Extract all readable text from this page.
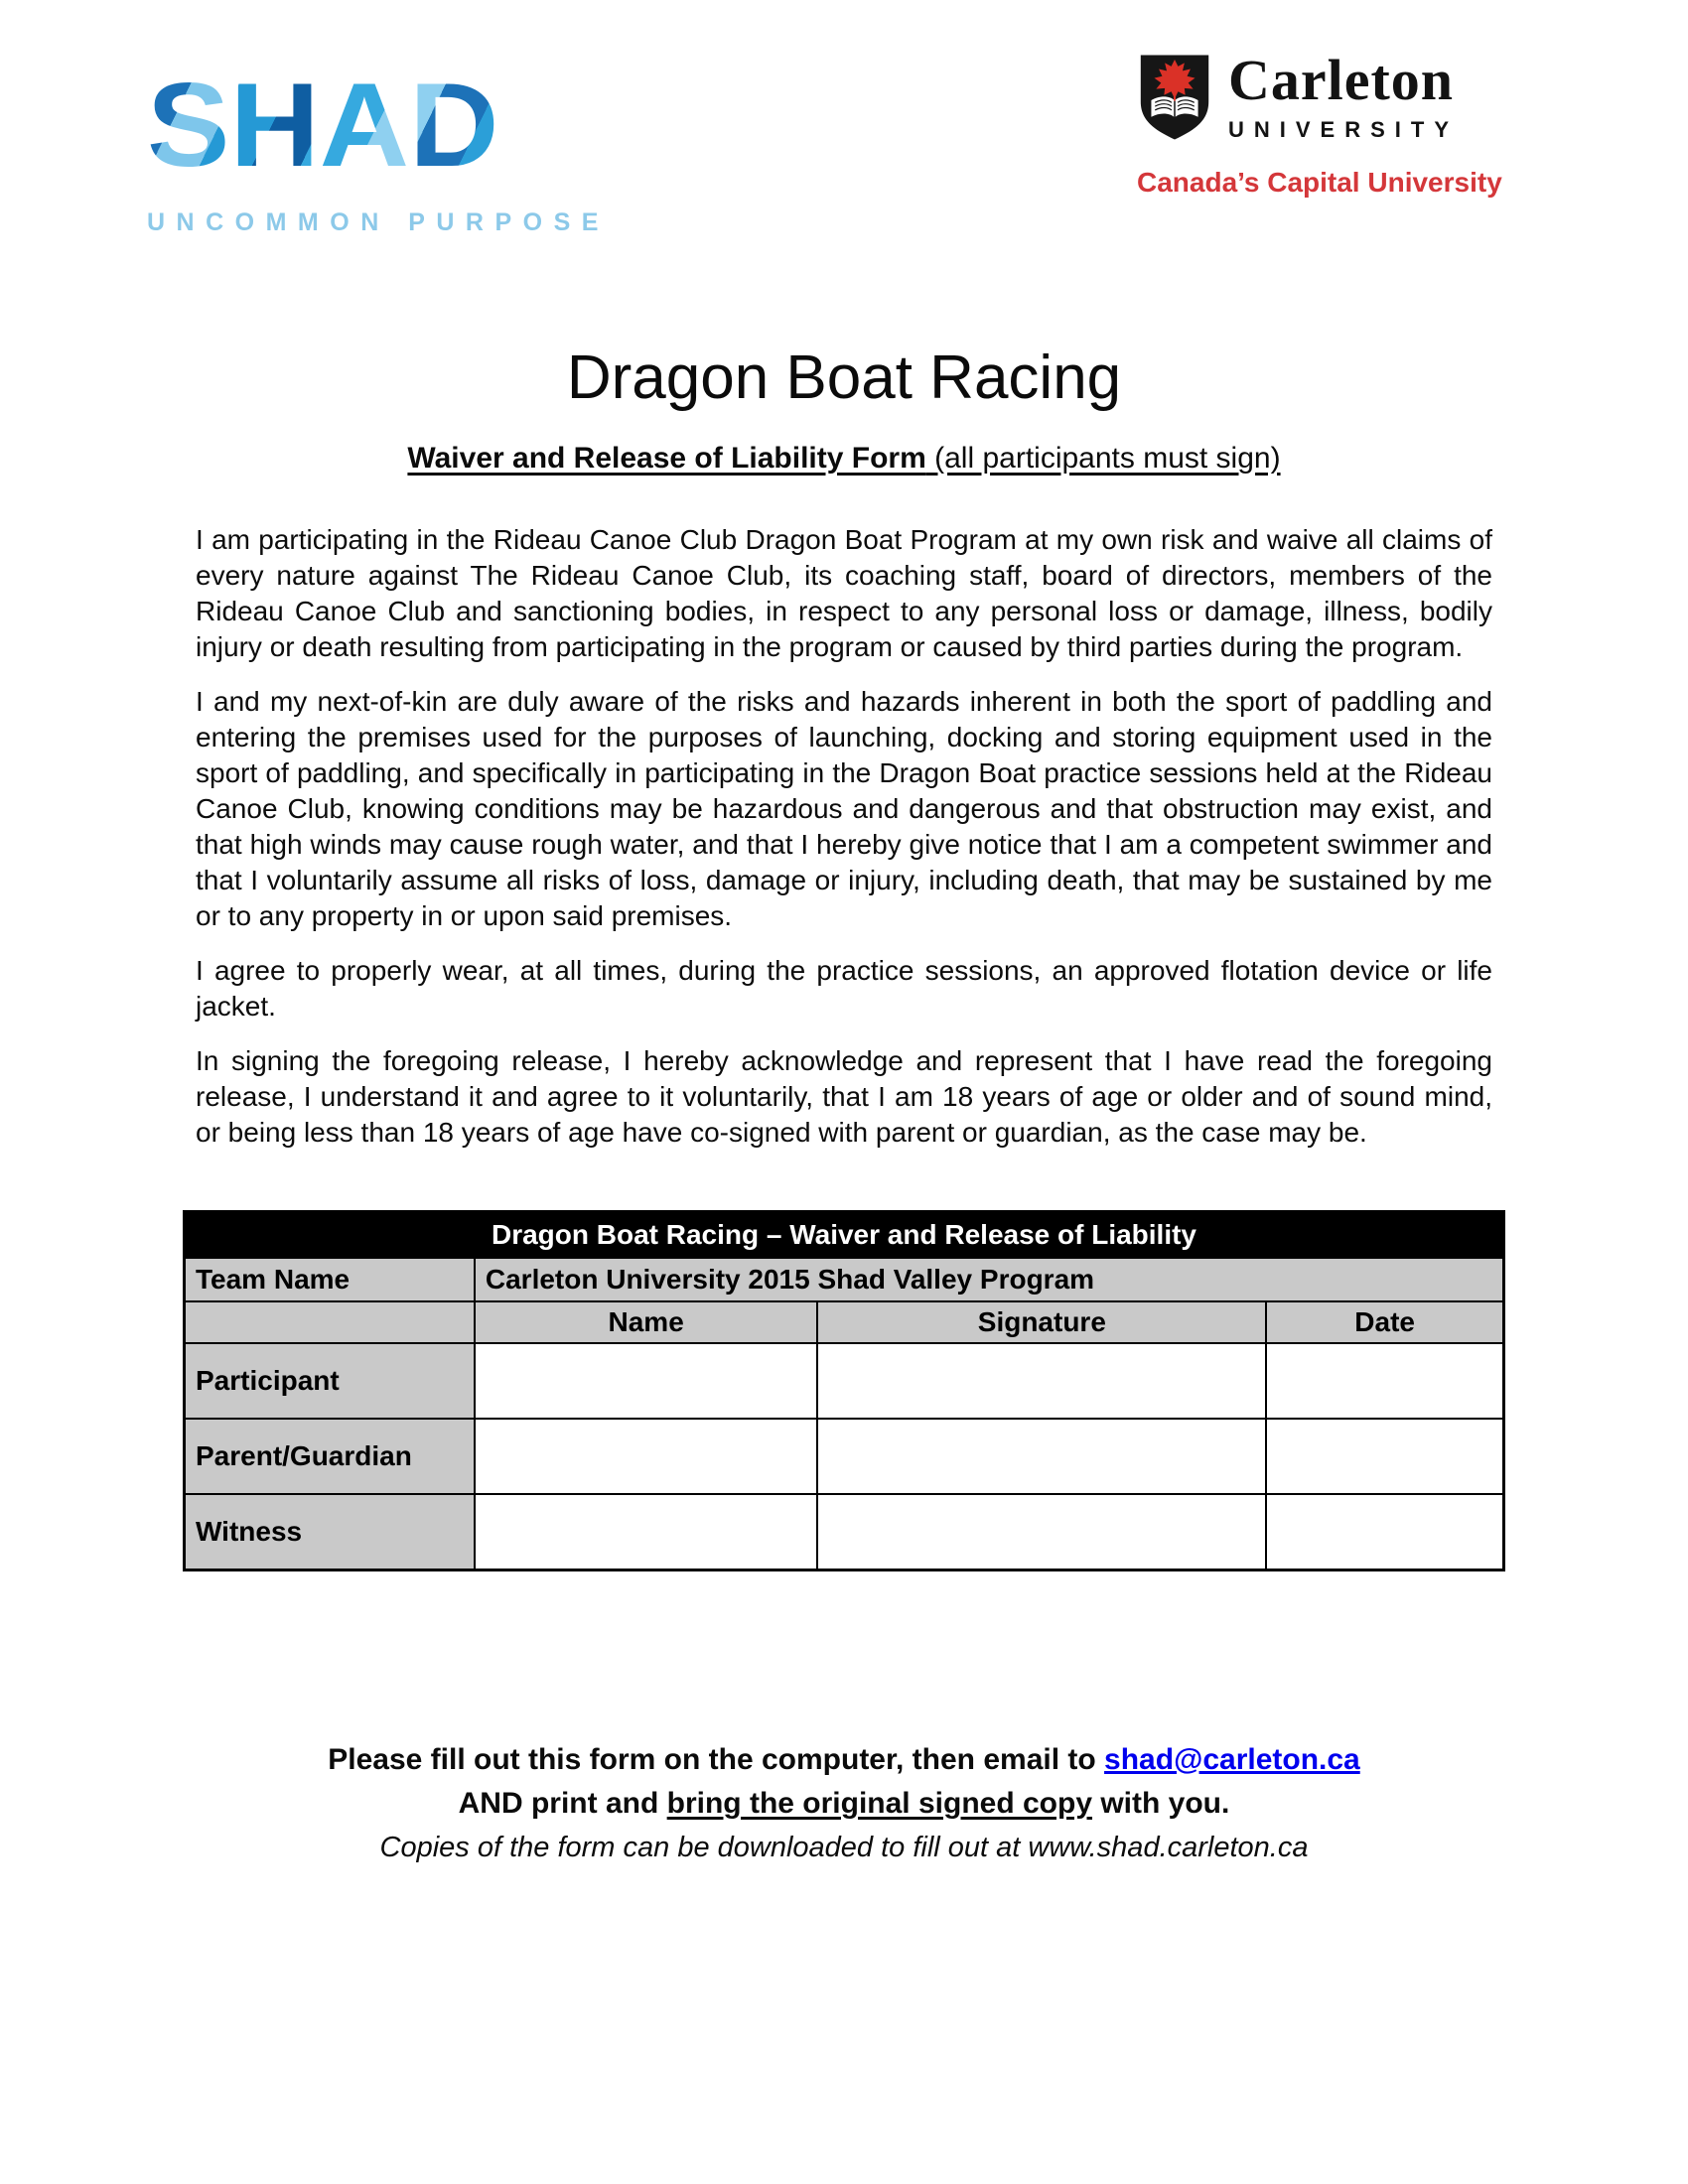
SHAD
UNCOMMON PURPOSE
Carleton
UNIVERSITY
Canada’s Capital University
Dragon Boat Racing
Waiver and Release of Liability Form (all participants must sign)

I am participating in the Rideau Canoe Club Dragon Boat Program at my own risk and waive all claims of every nature against The Rideau Canoe Club, its coaching staff, board of directors, members of the Rideau Canoe Club and sanctioning bodies, in respect to any personal loss or damage, illness, bodily injury or death resulting from participating in the program or caused by third parties during the program.

I and my next-of-kin are duly aware of the risks and hazards inherent in both the sport of paddling and entering the premises used for the purposes of launching, docking and storing equipment used in the sport of paddling, and specifically in participating in the Dragon Boat practice sessions held at the Rideau Canoe Club, knowing conditions may be hazardous and dangerous and that obstruction may exist, and that high winds may cause rough water, and that I hereby give notice that I am a competent swimmer and that I voluntarily assume all risks of loss, damage or injury, including death, that may be sustained by me or to any property in or upon said premises.

I agree to properly wear, at all times, during the practice sessions, an approved flotation device or life jacket.

In signing the foregoing release, I hereby acknowledge and represent that I have read the foregoing release, I understand it and agree to it voluntarily, that I am 18 years of age or older and of sound mind, or being less than 18 years of age have co-signed with parent or guardian, as the case may be.

Dragon Boat Racing – Waiver and Release of Liability			
Team Name	Carleton University 2015 Shad Valley Program		
	Name	Signature	Date
Participant			
Parent/Guardian			
Witness			
Please fill out this form on the computer, then email to shad@carleton.ca
AND print and bring the original signed copy with you.
Copies of the form can be downloaded to fill out at www.shad.carleton.ca
